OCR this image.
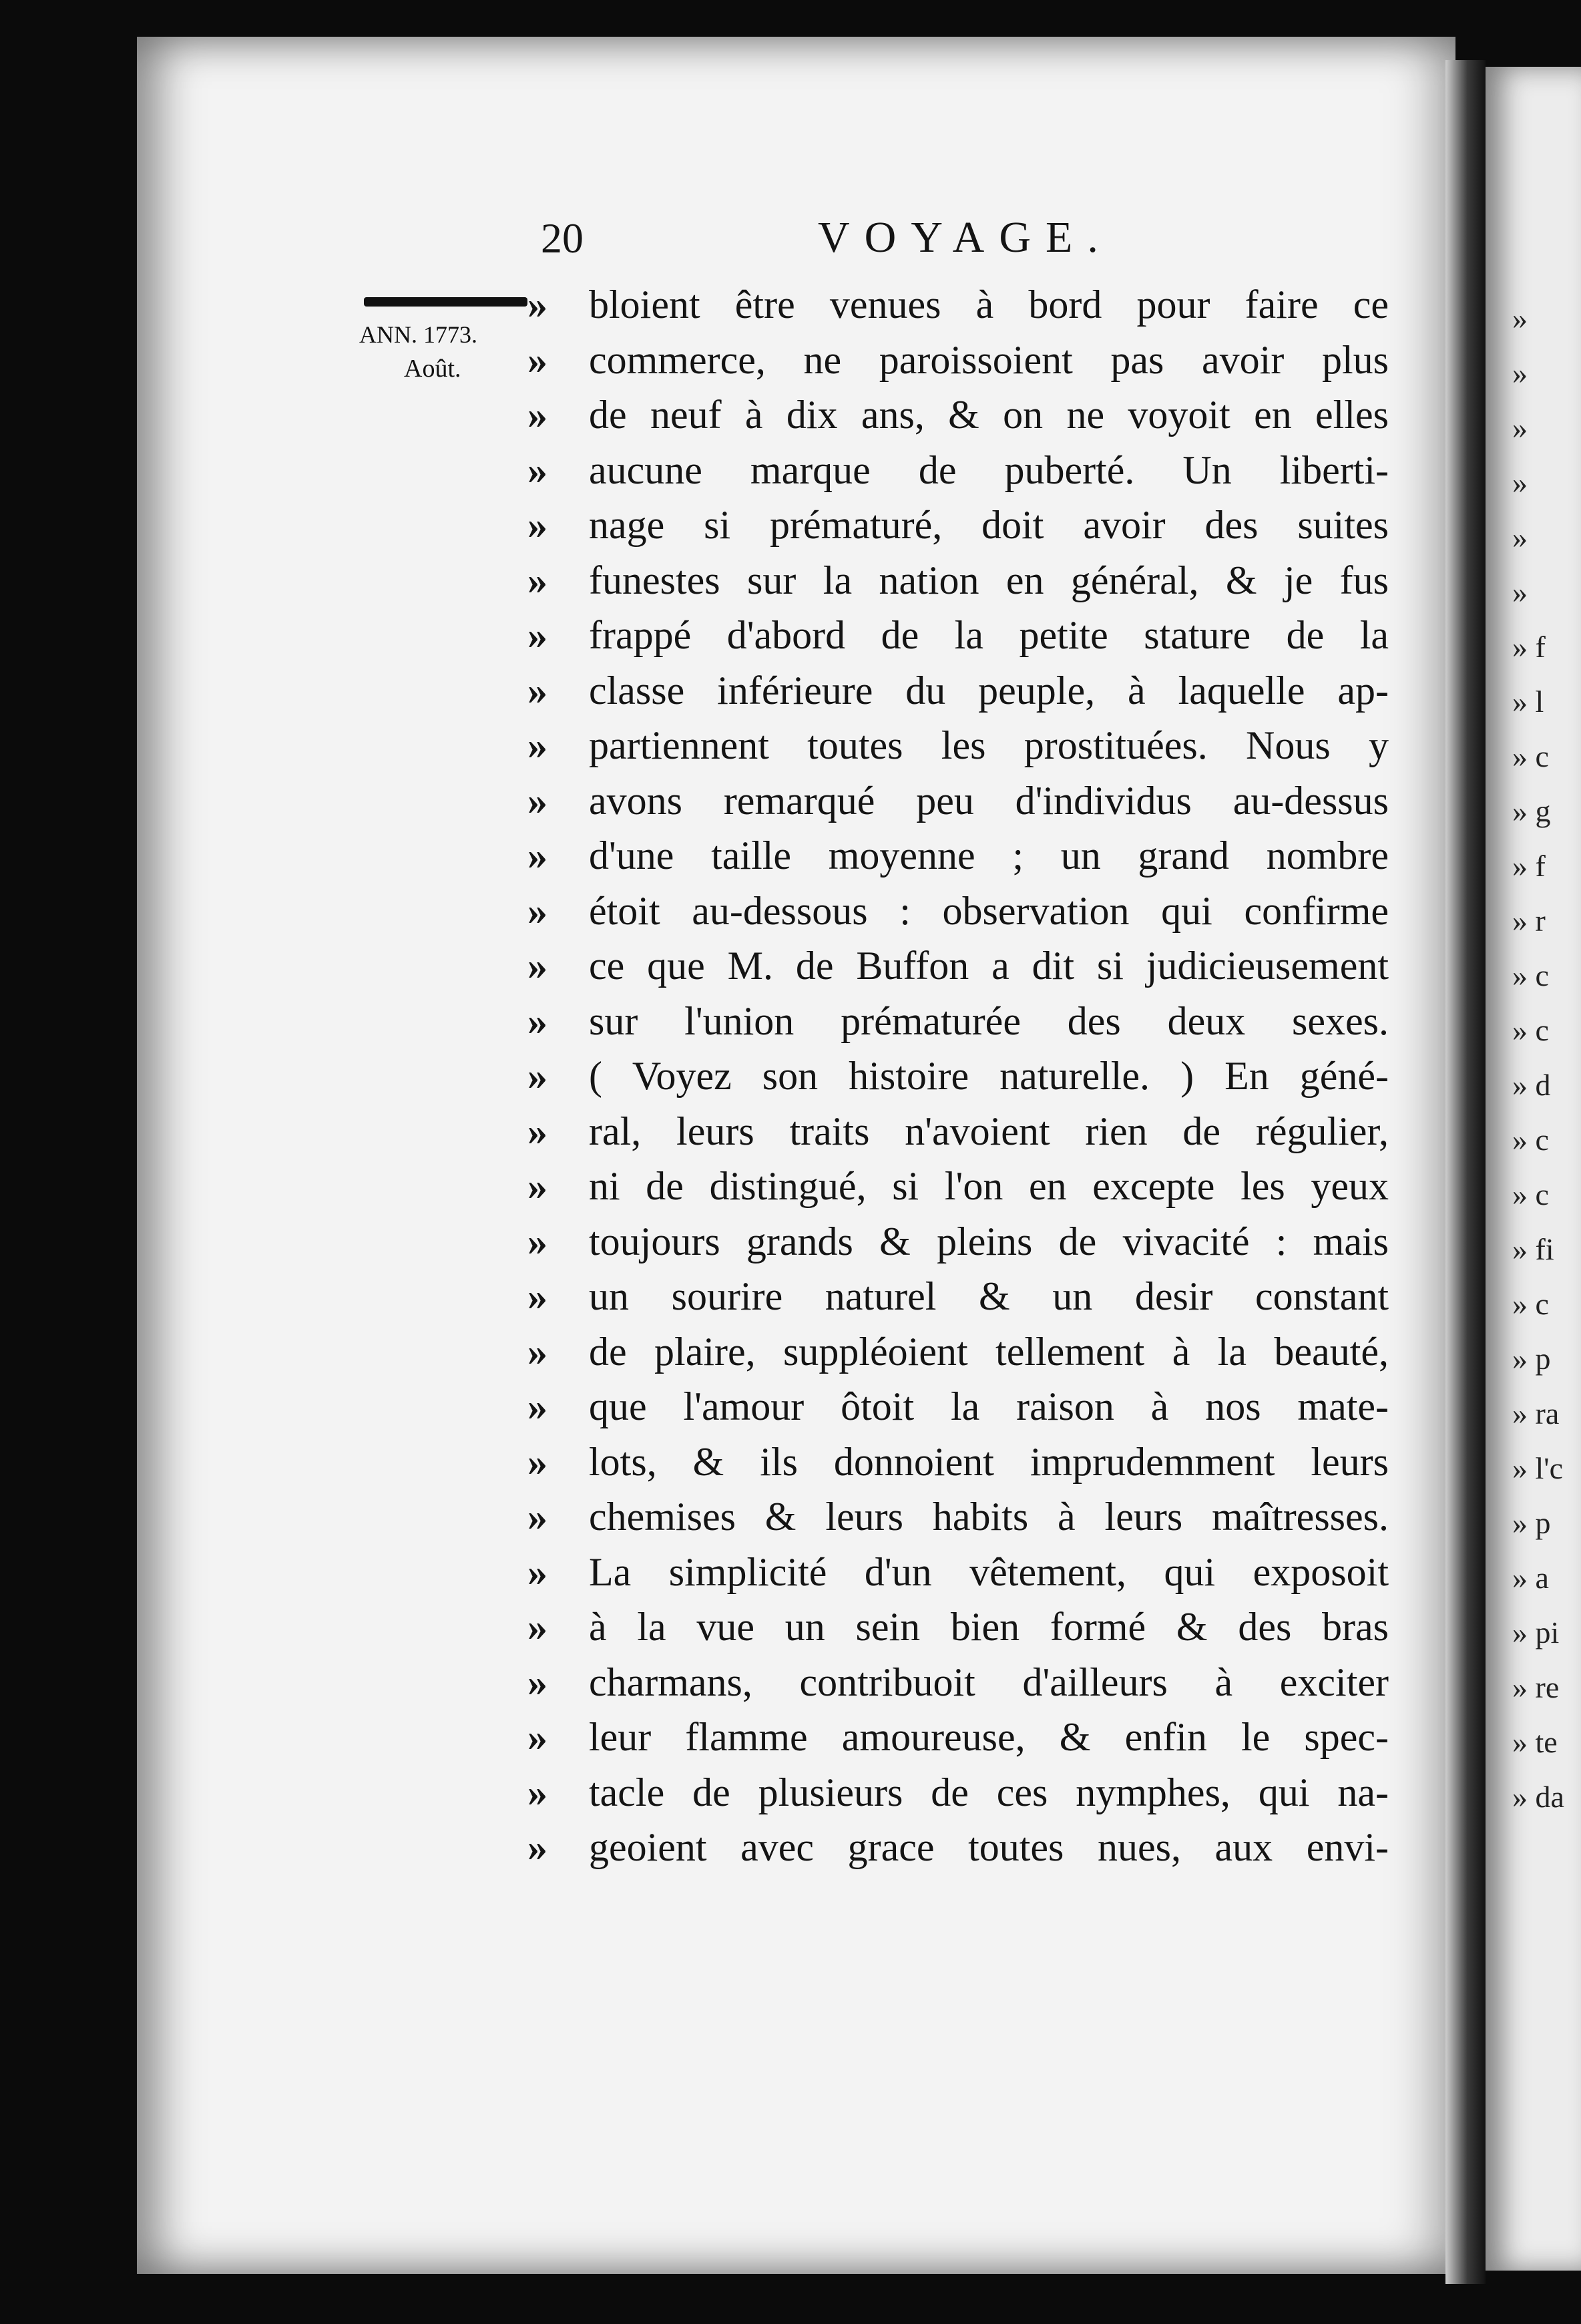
20	VOYAGE.
ANN. 1773.
Août.
»	bloient être venues à bord pour faire ce
»	commerce, ne paroissoient pas avoir plus
»	de neuf à dix ans, & on ne voyoit en elles
»	aucune marque de puberté. Un liberti-
»	nage si prématuré, doit avoir des suites
»	funestes sur la nation en général, & je fus
»	frappé d'abord de la petite stature de la
»	classe inférieure du peuple, à laquelle ap-
»	partiennent toutes les prostituées. Nous y
»	avons remarqué peu d'individus au-dessus
»	d'une taille moyenne ; un grand nombre
»	étoit au-dessous : observation qui confirme
»	ce que M. de Buffon a dit si judicieusement
»	sur l'union prématurée des deux sexes.
»	( Voyez son histoire naturelle. ) En géné-
»	ral, leurs traits n'avoient rien de régulier,
»	ni de distingué, si l'on en excepte les yeux
»	toujours grands & pleins de vivacité : mais
»	un sourire naturel & un desir constant
»	de plaire, suppléoient tellement à la beauté,
»	que l'amour ôtoit la raison à nos mate-
»	lots, & ils donnoient imprudemment leurs
»	chemises & leurs habits à leurs maîtresses.
»	La simplicité d'un vêtement, qui exposoit
»	à la vue un sein bien formé & des bras
»	charmans, contribuoit d'ailleurs à exciter
»	leur flamme amoureuse, & enfin le spec-
»	tacle de plusieurs de ces nymphes, qui na-
»	geoient avec grace toutes nues, aux envi-
»
»
»
»
»
»
» f
» l
» c
» g
» f
» r
» c
» c
» d
» c
» c
» fi
» c
» p
» ra
» l'c
» p
» a
» pi
» re
» te
» da
